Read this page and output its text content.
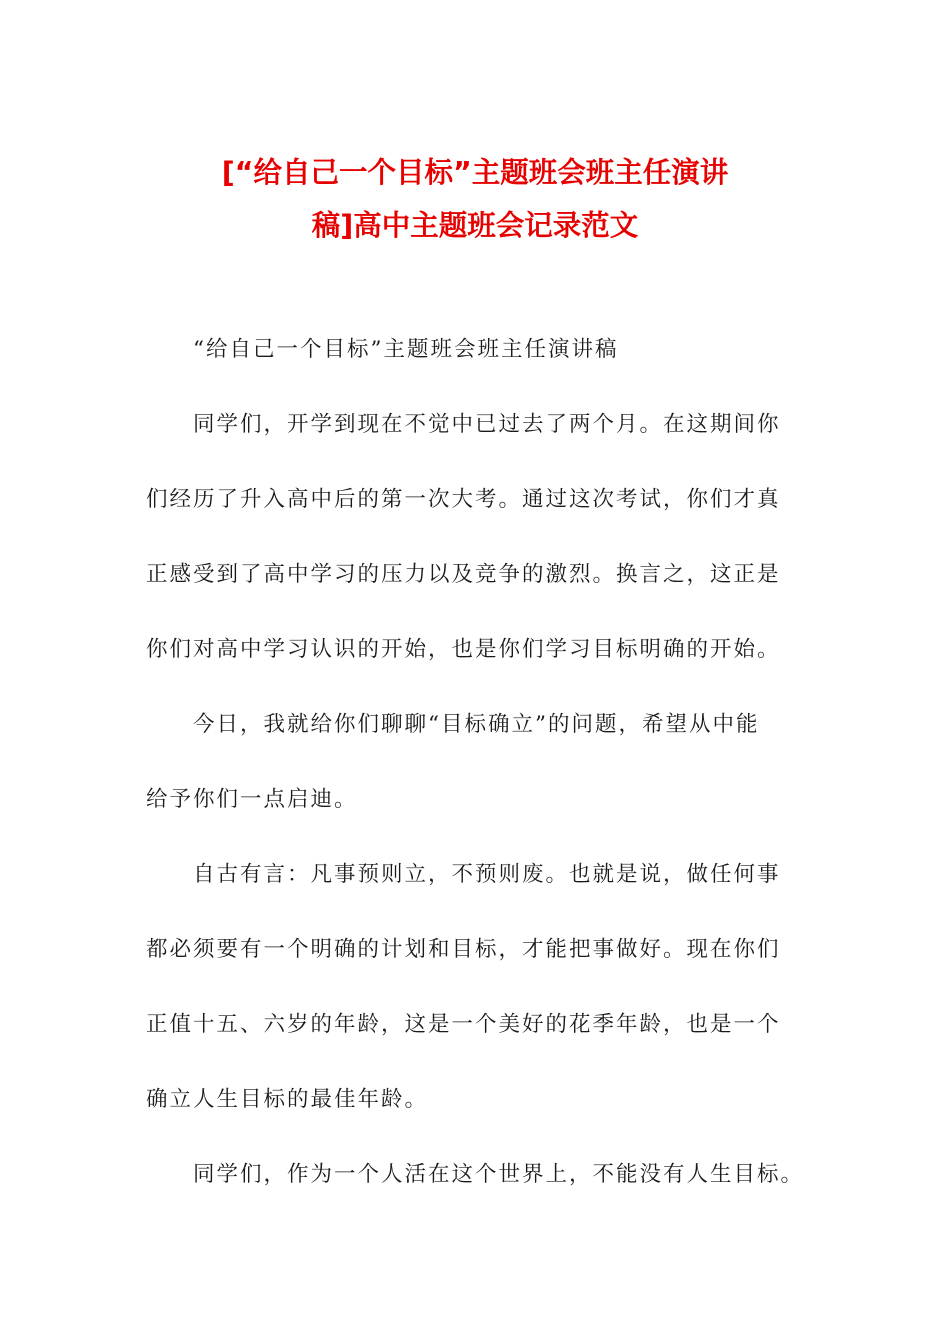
[“给自己一个目标”主题班会班主任演讲
稿]高中主题班会记录范文
“给自己一个目标”主题班会班主任演讲稿
同学们，开学到现在不觉中已过去了两个月。在这期间你
们经历了升入高中后的第一次大考。通过这次考试，你们才真
正感受到了高中学习的压力以及竞争的激烈。换言之，这正是
你们对高中学习认识的开始，也是你们学习目标明确的开始。
今日，我就给你们聊聊“目标确立”的问题，希望从中能
给予你们一点启迪。
自古有言：凡事预则立，不预则废。也就是说，做任何事
都必须要有一个明确的计划和目标，才能把事做好。现在你们
正值十五、六岁的年龄，这是一个美好的花季年龄，也是一个
确立人生目标的最佳年龄。
同学们，作为一个人活在这个世界上，不能没有人生目标。
